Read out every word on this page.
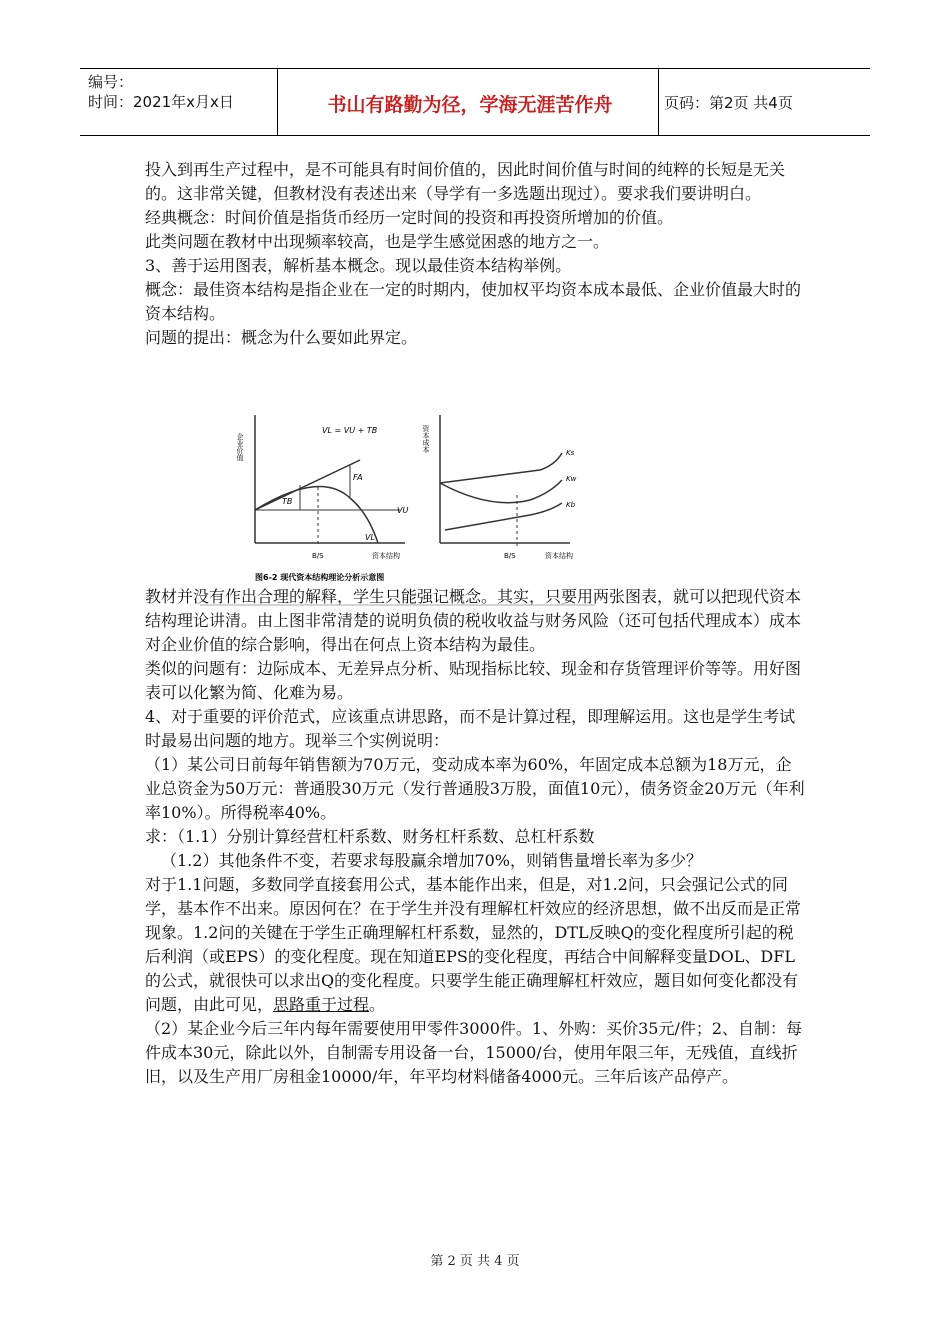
编号：
时间：2021年x月x日	书山有路勤为径，学海无涯苦作舟	页码：第2页 共4页

投入到再生产过程中，是不可能具有时间价值的，因此时间价值与时间的纯粹的长短是无关的。这非常关键，但教材没有表述出来（导学有一多选题出现过）。要求我们要讲明白。

经典概念：时间价值是指货币经历一定时间的投资和再投资所增加的价值。

此类问题在教材中出现频率较高，也是学生感觉困惑的地方之一。

3、善于运用图表，解析基本概念。现以最佳资本结构举例。

概念：最佳资本结构是指企业在一定的时期内，使加权平均资本成本最低、企业价值最大时的资本结构。

问题的提出：概念为什么要如此界定。

教材并没有作出合理的解释，学生只能强记概念。其实，只要用两张图表，就可以把现代资本结构理论讲清。由上图非常清楚的说明负债的税收收益与财务风险（还可包括代理成本）成本对企业价值的综合影响，得出在何点上资本结构为最佳。

类似的问题有：边际成本、无差异点分析、贴现指标比较、现金和存货管理评价等等。用好图表可以化繁为简、化难为易。

4、对于重要的评价范式，应该重点讲思路，而不是计算过程，即理解运用。这也是学生考试时最易出问题的地方。现举三个实例说明：

（1）某公司日前每年销售额为70万元，变动成本率为60%，年固定成本总额为18万元，企业总资金为50万元：普通股30万元（发行普通股3万股，面值10元），债务资金20万元（年利率10%）。所得税率40%。

求：（1.1）分别计算经营杠杆系数、财务杠杆系数、总杠杆系数

（1.2）其他条件不变，若要求每股赢余增加70%，则销售量增长率为多少？

对于1.1问题，多数同学直接套用公式，基本能作出来，但是，对1.2问，只会强记公式的同学，基本作不出来。原因何在？在于学生并没有理解杠杆效应的经济思想，做不出反而是正常现象。1.2问的关键在于学生正确理解杠杆系数，显然的，DTL反映Q的变化程度所引起的税后利润（或EPS）的变化程度。现在知道EPS的变化程度，再结合中间解释变量DOL、DFL的公式，就很快可以求出Q的变化程度。只要学生能正确理解杠杆效应，题目如何变化都没有问题，由此可见，思路重于过程。

（2）某企业今后三年内每年需要使用甲零件3000件。1、外购：买价35元/件；2、自制：每件成本30元，除此以外，自制需专用设备一台，15000/台，使用年限三年，无残值，直线折旧，以及生产用厂房租金10000/年，年平均材料储备4000元。三年后该产品停产。

企业价值
VL = VU + TB
FA
TB
VU
VL
B/S	资本结构
资本成本	Ks
Kw
Kb
B/S	资本结构
图6-2 现代资本结构理论分析示意图
第 2 页 共 4 页
